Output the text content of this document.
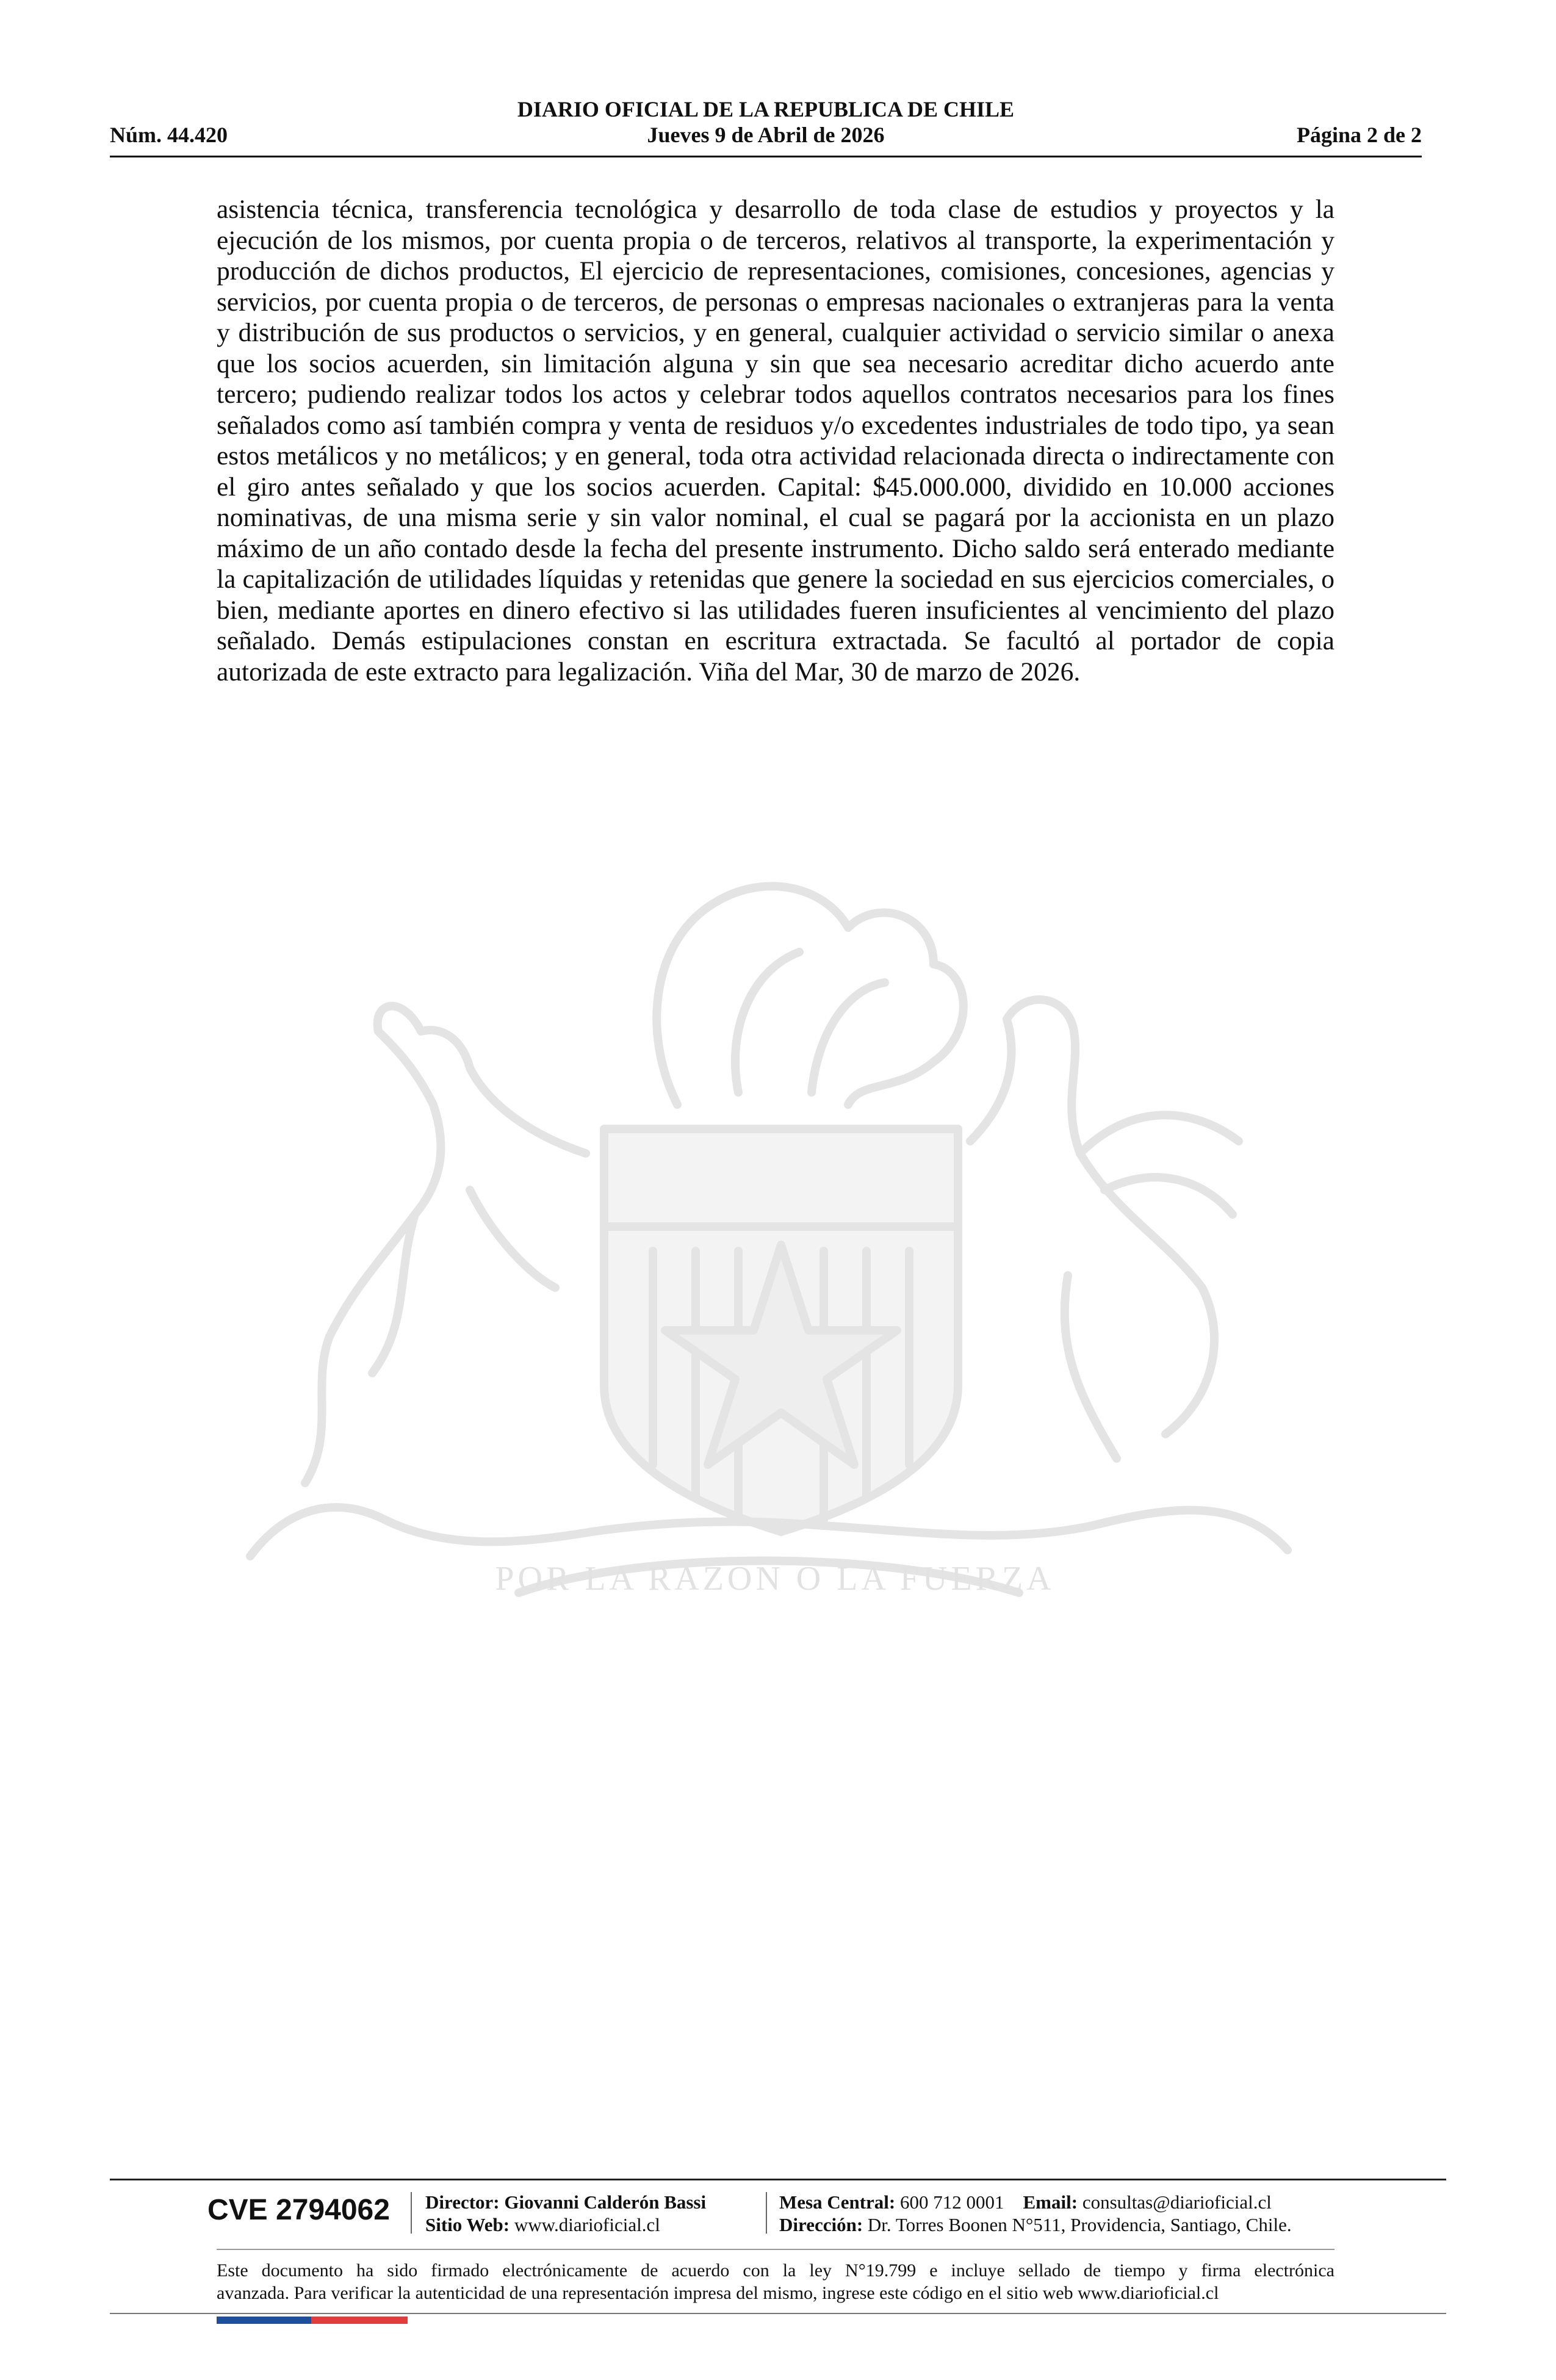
DIARIO OFICIAL DE LA REPUBLICA DE CHILE
Núm. 44.420	Jueves 9 de Abril de 2026	Página 2 de 2
asistencia técnica, transferencia tecnológica y desarrollo de toda clase de estudios y proyectos y la ejecución de los mismos, por cuenta propia o de terceros, relativos al transporte, la experimentación y producción de dichos productos, El ejercicio de representaciones, comisiones, concesiones, agencias y servicios, por cuenta propia o de terceros, de personas o empresas nacionales o extranjeras para la venta y distribución de sus productos o servicios, y en general, cualquier actividad o servicio similar o anexa que los socios acuerden, sin limitación alguna y sin que sea necesario acreditar dicho acuerdo ante tercero; pudiendo realizar todos los actos y celebrar todos aquellos contratos necesarios para los fines señalados como así también compra y venta de residuos y/o excedentes industriales de todo tipo, ya sean estos metálicos y no metálicos; y en general, toda otra actividad relacionada directa o indirectamente con el giro antes señalado y que los socios acuerden. Capital: $45.000.000, dividido en 10.000 acciones nominativas, de una misma serie y sin valor nominal, el cual se pagará por la accionista en un plazo máximo de un año contado desde la fecha del presente instrumento. Dicho saldo será enterado mediante la capitalización de utilidades líquidas y retenidas que genere la sociedad en sus ejercicios comerciales, o bien, mediante aportes en dinero efectivo si las utilidades fueren insuficientes al vencimiento del plazo señalado. Demás estipulaciones constan en escritura extractada. Se facultó al portador de copia autorizada de este extracto para legalización. Viña del Mar, 30 de marzo de 2026.
POR LA RAZON O LA FUERZA
CVE 2794062 Director: Giovanni Calderón Bassi
Sitio Web: www.diarioficial.cl
Mesa Central: 600 712 0001 Email: consultas@diarioficial.cl
Dirección: Dr. Torres Boonen N°511, Providencia, Santiago, Chile.
Este documento ha sido firmado electrónicamente de acuerdo con la ley N°19.799 e incluye sellado de tiempo y firma electrónica
avanzada. Para verificar la autenticidad de una representación impresa del mismo, ingrese este código en el sitio web www.diarioficial.cl
